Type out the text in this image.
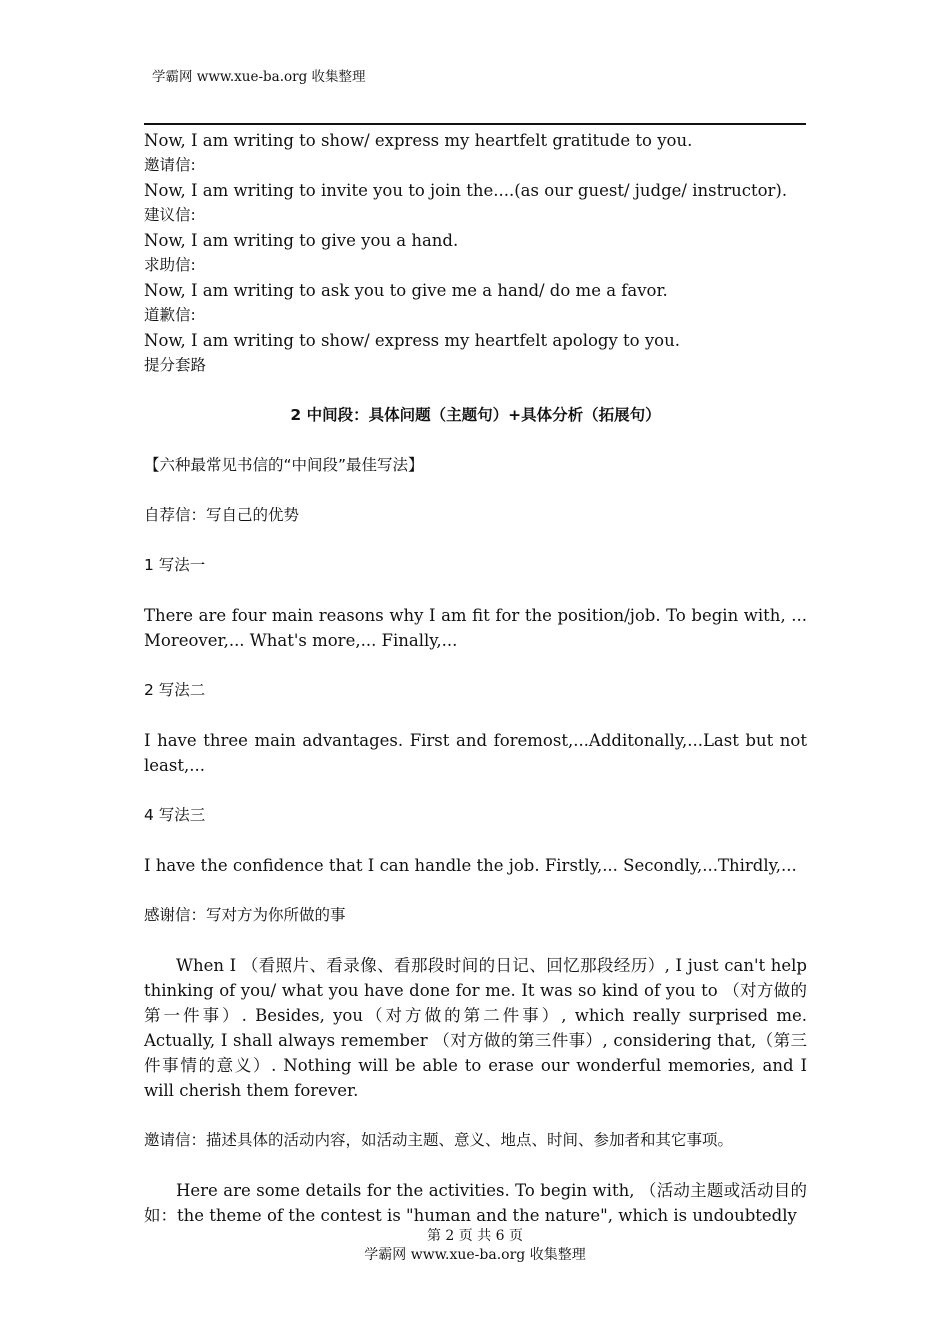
学霸网 www.xue-ba.org 收集整理

Now, I am writing to show/ express my heartfelt gratitude to you.

邀请信:

Now, I am writing to invite you to join the....(as our guest/ judge/ instructor).

建议信:

Now, I am writing to give you a hand.

求助信:

Now, I am writing to ask you to give me a hand/ do me a favor.

道歉信:

Now, I am writing to show/ express my heartfelt apology to you.

提分套路

2 中间段：具体问题（主题句）+具体分析（拓展句）

【六种最常见书信的“中间段”最佳写法】

自荐信：写自己的优势

1 写法一

There are four main reasons why I am fit for the position/job. To begin with, ... Moreover,... What's more,... Finally,...

2 写法二

I have three main advantages. First and foremost,...Additonally,...Last but not least,...

4 写法三

I have the confidence that I can handle the job. Firstly,... Secondly,...Thirdly,...

感谢信：写对方为你所做的事

When I （看照片、看录像、看那段时间的日记、回忆那段经历）, I just can't help thinking of you/ what you have done for me. It was so kind of you to （对方做的第一件事）. Besides, you（对方做的第二件事）, which really surprised me. Actually, I shall always remember （对方做的第三件事）, considering that,（第三件事情的意义）. Nothing will be able to erase our wonderful memories, and I will cherish them forever.

邀请信：描述具体的活动内容，如活动主题、意义、地点、时间、参加者和其它事项。

Here are some details for the activities. To begin with, （活动主题或活动目的如：the theme of the contest is "human and the nature", which is undoubtedly

第 2 页 共 6 页
学霸网 www.xue-ba.org 收集整理
